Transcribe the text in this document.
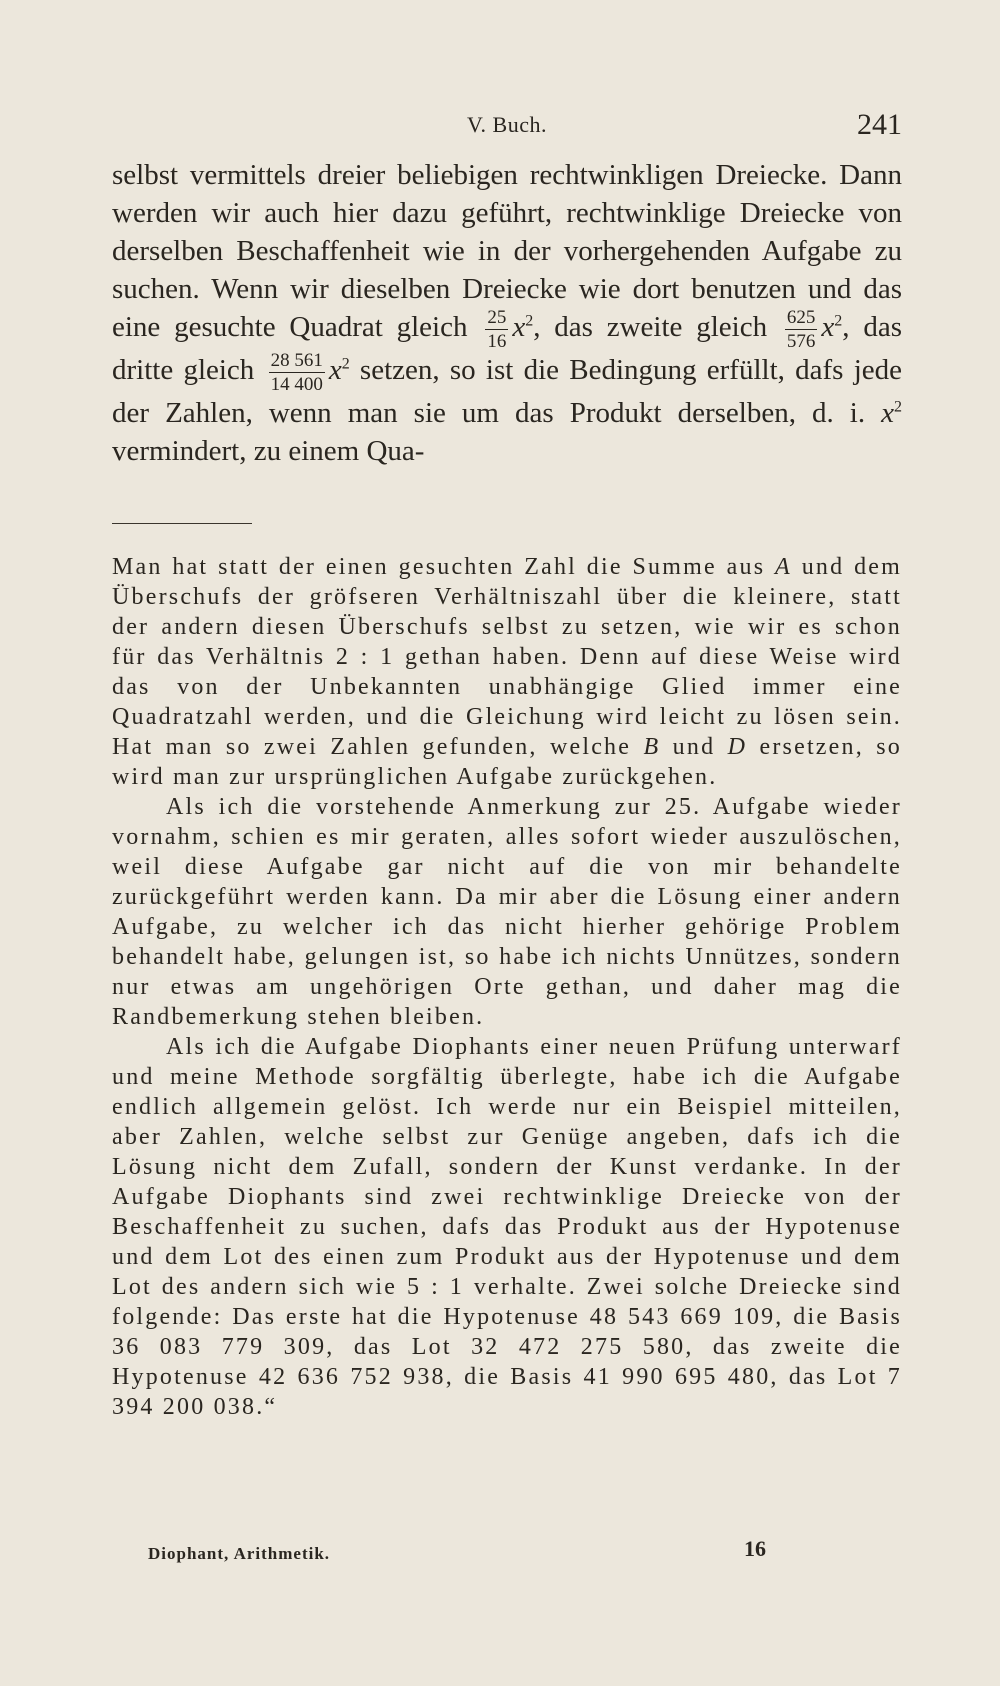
V. Buch.	241

selbst vermittels dreier beliebigen rechtwinkligen Dreiecke. Dann werden wir auch hier dazu geführt, rechtwinklige Dreiecke von derselben Beschaffenheit wie in der vorhergehenden Aufgabe zu suchen. Wenn wir dieselben Dreiecke wie dort benutzen und das eine gesuchte Quadrat gleich $\frac{25}{16} x^2$, das zweite gleich $\frac{625}{576} x^2$, das dritte gleich $\frac{28 561}{14 400} x^2$ setzen, so ist die Bedingung erfüllt, dafs jede der Zahlen, wenn man sie um das Produkt derselben, d. i. $x^2$ vermindert, zu einem Qua-

Man hat statt der einen gesuchten Zahl die Summe aus A und dem Überschufs der gröfseren Verhältniszahl über die kleinere, statt der andern diesen Überschufs selbst zu setzen, wie wir es schon für das Verhältnis 2 : 1 gethan haben. Denn auf diese Weise wird das von der Unbekannten unabhängige Glied immer eine Quadratzahl werden, und die Gleichung wird leicht zu lösen sein. Hat man so zwei Zahlen gefunden, welche B und D ersetzen, so wird man zur ursprünglichen Aufgabe zurückgehen.

Als ich die vorstehende Anmerkung zur 25. Aufgabe wieder vornahm, schien es mir geraten, alles sofort wieder auszulöschen, weil diese Aufgabe gar nicht auf die von mir behandelte zurückgeführt werden kann. Da mir aber die Lösung einer andern Aufgabe, zu welcher ich das nicht hierher gehörige Problem behandelt habe, gelungen ist, so habe ich nichts Unnützes, sondern nur etwas am ungehörigen Orte gethan, und daher mag die Randbemerkung stehen bleiben.

Als ich die Aufgabe Diophants einer neuen Prüfung unterwarf und meine Methode sorgfältig überlegte, habe ich die Aufgabe endlich allgemein gelöst. Ich werde nur ein Beispiel mitteilen, aber Zahlen, welche selbst zur Genüge angeben, dafs ich die Lösung nicht dem Zufall, sondern der Kunst verdanke. In der Aufgabe Diophants sind zwei rechtwinklige Dreiecke von der Beschaffenheit zu suchen, dafs das Produkt aus der Hypotenuse und dem Lot des einen zum Produkt aus der Hypotenuse und dem Lot des andern sich wie 5 : 1 verhalte. Zwei solche Dreiecke sind folgende: Das erste hat die Hypotenuse 48 543 669 109, die Basis 36 083 779 309, das Lot 32 472 275 580, das zweite die Hypotenuse 42 636 752 938, die Basis 41 990 695 480, das Lot 7 394 200 038.“

Diophant, Arithmetik.	16
